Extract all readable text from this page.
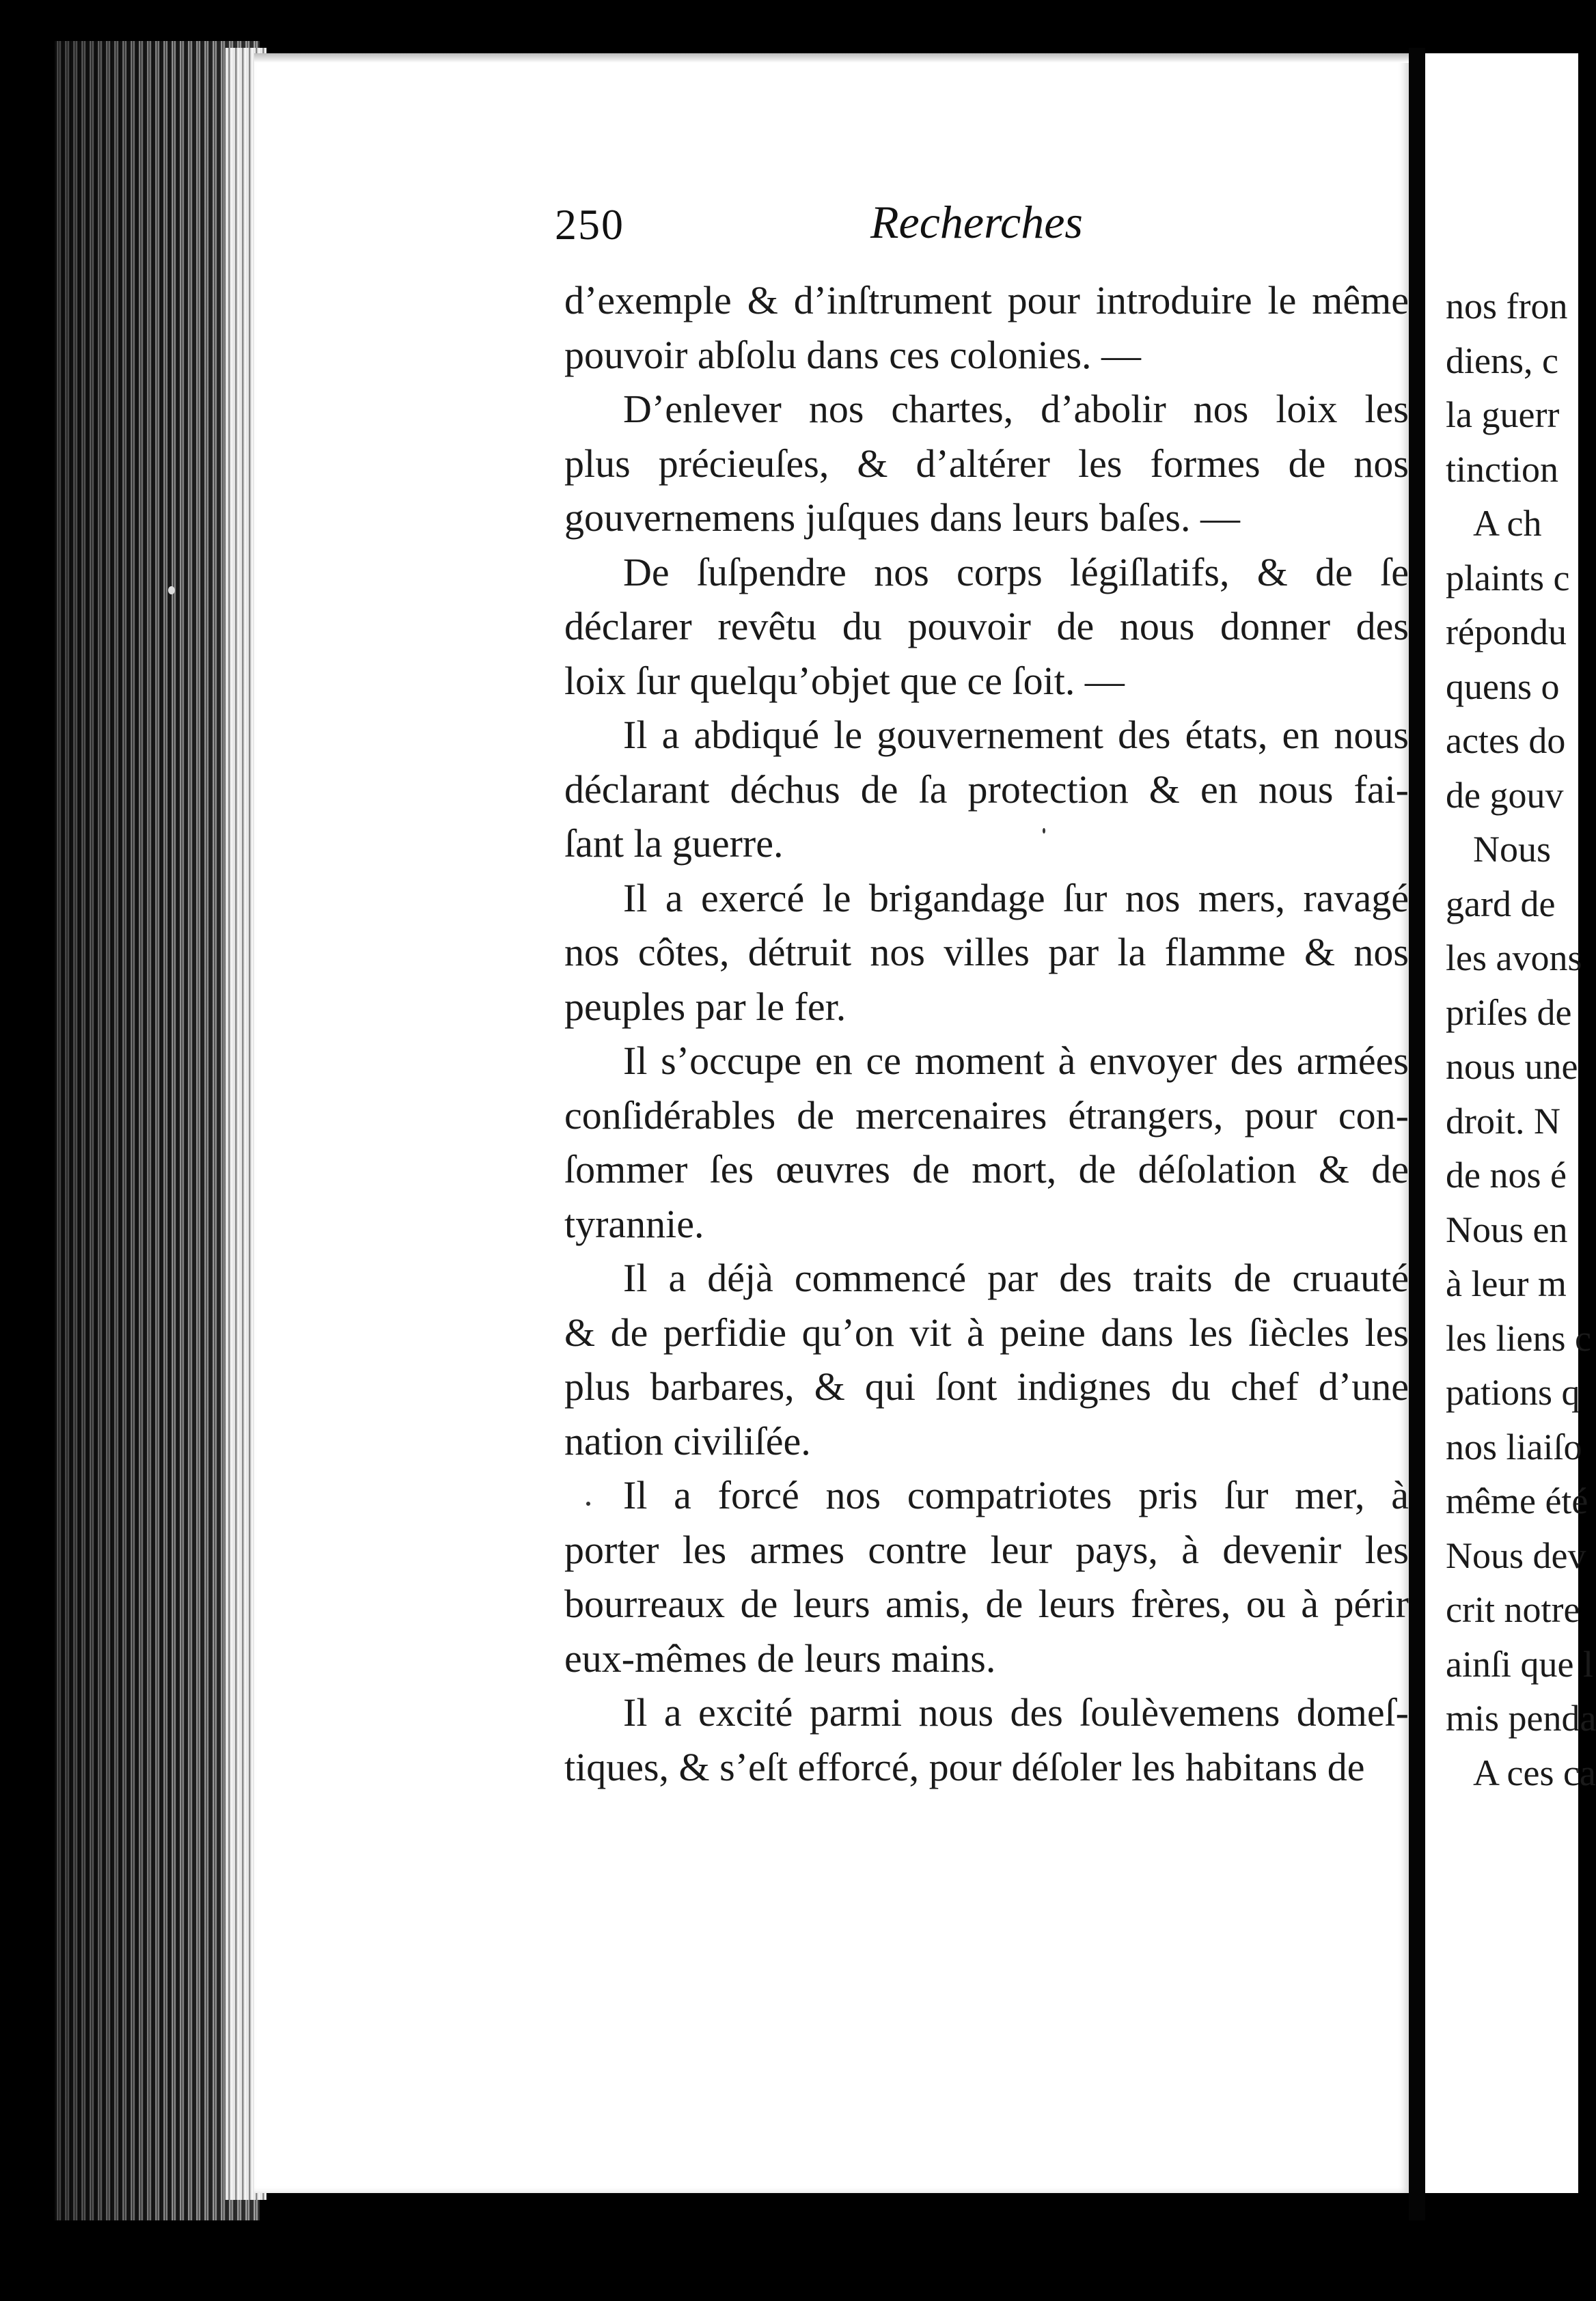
nos fron
diens, c
la guerr
tinction
A ch
plaints c
répondu
quens o
actes do
de gouv
Nous
gard de
les avons
priſes de
nous une
droit. N
de nos é
Nous en
à leur m
les liens c
pations q
nos liaiſo
même été
Nous dev
crit notre
ainſi que l
mis penda
A ces ca
250	Recherches
d’exemple & d’inſtrument pour introduire le même
pouvoir abſolu dans ces colonies. —
D’enlever nos chartes, d’abolir nos loix les
plus précieuſes, & d’altérer les formes de nos
gouvernemens juſques dans leurs baſes. —
De ſuſpendre nos corps légiſlatifs, & de ſe
déclarer revêtu du pouvoir de nous donner des
loix ſur quelqu’objet que ce ſoit. —
Il a abdiqué le gouvernement des états, en nous
déclarant déchus de ſa protection & en nous fai-
ſant la guerre.
Il a exercé le brigandage ſur nos mers, ravagé
nos côtes, détruit nos villes par la flamme & nos
peuples par le fer.
Il s’occupe en ce moment à envoyer des armées
conſidérables de mercenaires étrangers, pour con-
ſommer ſes œuvres de mort, de déſolation & de
tyrannie.
Il a déjà commencé par des traits de cruauté
& de perfidie qu’on vit à peine dans les ſiècles les
plus barbares, & qui ſont indignes du chef d’une
nation civiliſée.
Il a forcé nos compatriotes pris ſur mer, à
porter les armes contre leur pays, à devenir les
bourreaux de leurs amis, de leurs frères, ou à périr
eux-mêmes de leurs mains.
Il a excité parmi nous des ſoulèvemens domeſ-
tiques, & s’eſt efforcé, pour déſoler les habitans de
